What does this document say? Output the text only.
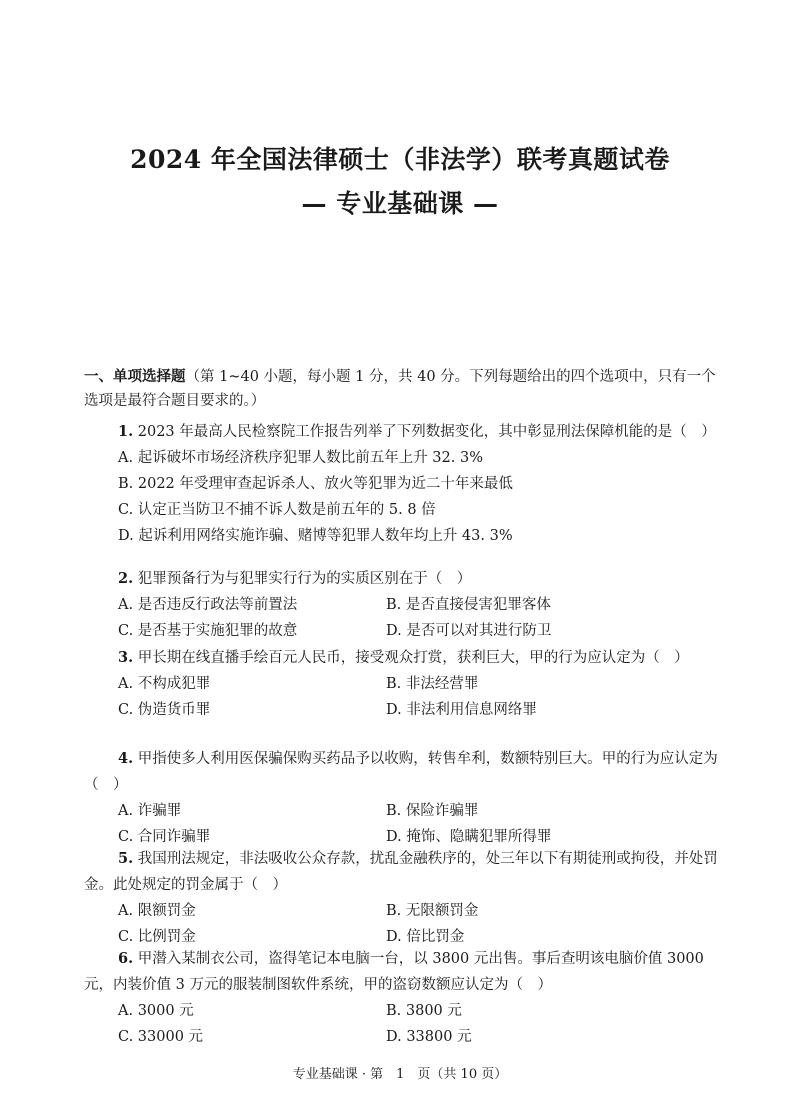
2024 年全国法律硕士（非法学）联考真题试卷
— 专业基础课 —
一、单项选择题（第 1~40 小题，每小题 1 分，共 40 分。下列每题给出的四个选项中，只有一个选项是最符合题目要求的。）
1. 2023 年最高人民检察院工作报告列举了下列数据变化，其中彰显刑法保障机能的是（　）
A. 起诉破坏市场经济秩序犯罪人数比前五年上升 32. 3%
B. 2022 年受理审查起诉杀人、放火等犯罪为近二十年来最低
C. 认定正当防卫不捕不诉人数是前五年的 5. 8 倍
D. 起诉利用网络实施诈骗、赌博等犯罪人数年均上升 43. 3%
2. 犯罪预备行为与犯罪实行行为的实质区别在于（　）
A. 是否违反行政法等前置法	B. 是否直接侵害犯罪客体
C. 是否基于实施犯罪的故意	D. 是否可以对其进行防卫
3. 甲长期在线直播手绘百元人民币，接受观众打赏，获利巨大，甲的行为应认定为（　）
A. 不构成犯罪	B. 非法经营罪
C. 伪造货币罪	D. 非法利用信息网络罪
4. 甲指使多人利用医保骗保购买药品予以收购，转售牟利，数额特别巨大。甲的行为应认定为（　）
A. 诈骗罪	B. 保险诈骗罪
C. 合同诈骗罪	D. 掩饰、隐瞒犯罪所得罪
5. 我国刑法规定，非法吸收公众存款，扰乱金融秩序的，处三年以下有期徒刑或拘役，并处罚金。此处规定的罚金属于（　）
A. 限额罚金	B. 无限额罚金
C. 比例罚金	D. 倍比罚金
6. 甲潜入某制衣公司，盗得笔记本电脑一台，以 3800 元出售。事后查明该电脑价值 3000 元，内装价值 3 万元的服装制图软件系统，甲的盗窃数额应认定为（　）
A. 3000 元	B. 3800 元
C. 33000 元	D. 33800 元
专业基础课 · 第　1　页（共 10 页）
